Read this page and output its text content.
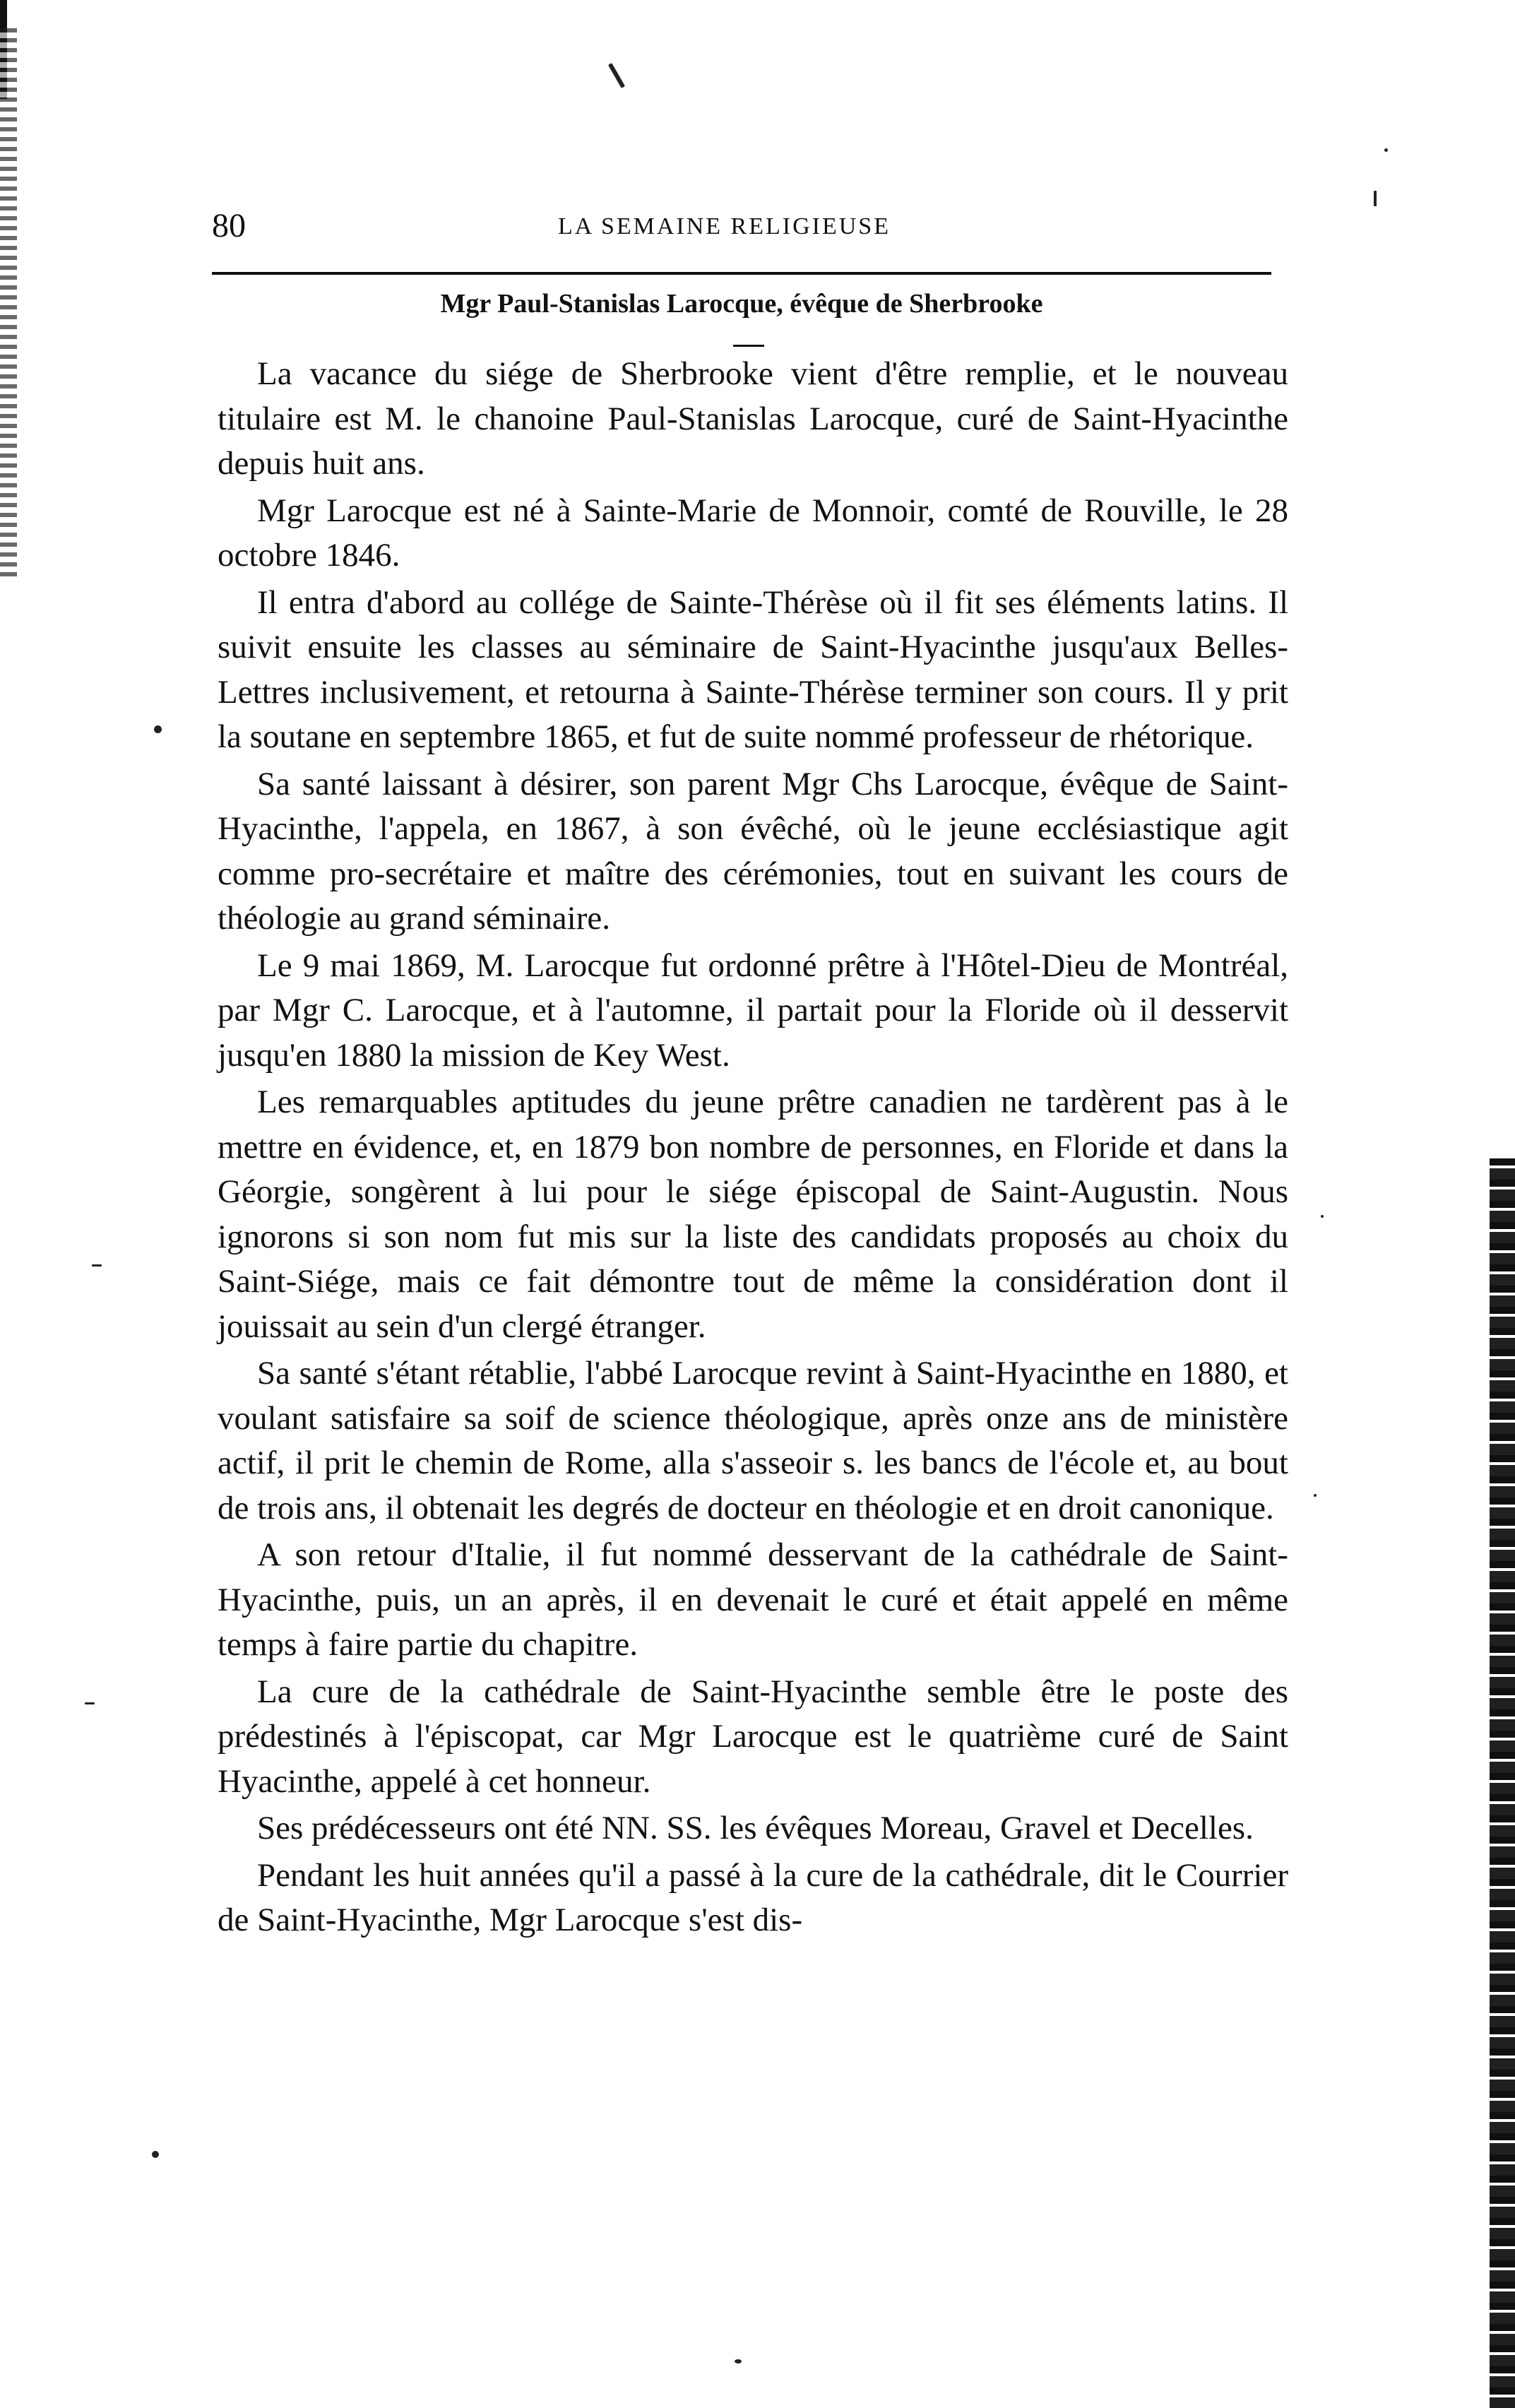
80	LA SEMAINE RELIGIEUSE
Mgr Paul-Stanislas Larocque, évêque de Sherbrooke

La vacance du siége de Sherbrooke vient d'être remplie, et le nouveau titulaire est M. le chanoine Paul-Stanislas Larocque, curé de Saint-Hyacinthe depuis huit ans.

Mgr Larocque est né à Sainte-Marie de Monnoir, comté de Rouville, le 28 octobre 1846.

Il entra d'abord au collége de Sainte-Thérèse où il fit ses éléments latins. Il suivit ensuite les classes au séminaire de Saint-Hyacinthe jusqu'aux Belles-Lettres inclusivement, et retourna à Sainte-Thérèse terminer son cours. Il y prit la soutane en septembre 1865, et fut de suite nommé professeur de rhétorique.

Sa santé laissant à désirer, son parent Mgr Chs Larocque, évêque de Saint-Hyacinthe, l'appela, en 1867, à son évêché, où le jeune ecclésiastique agit comme pro-secrétaire et maître des cérémonies, tout en suivant les cours de théologie au grand séminaire.

Le 9 mai 1869, M. Larocque fut ordonné prêtre à l'Hôtel-Dieu de Montréal, par Mgr C. Larocque, et à l'automne, il partait pour la Floride où il desservit jusqu'en 1880 la mission de Key West.

Les remarquables aptitudes du jeune prêtre canadien ne tardèrent pas à le mettre en évidence, et, en 1879 bon nombre de personnes, en Floride et dans la Géorgie, songèrent à lui pour le siége épiscopal de Saint-Augustin. Nous ignorons si son nom fut mis sur la liste des candidats proposés au choix du Saint-Siége, mais ce fait démontre tout de même la considération dont il jouissait au sein d'un clergé étranger.

Sa santé s'étant rétablie, l'abbé Larocque revint à Saint-Hyacinthe en 1880, et voulant satisfaire sa soif de science théologique, après onze ans de ministère actif, il prit le chemin de Rome, alla s'asseoir s. les bancs de l'école et, au bout de trois ans, il obtenait les degrés de docteur en théologie et en droit canonique.

A son retour d'Italie, il fut nommé desservant de la cathédrale de Saint-Hyacinthe, puis, un an après, il en devenait le curé et était appelé en même temps à faire partie du chapitre.

La cure de la cathédrale de Saint-Hyacinthe semble être le poste des prédestinés à l'épiscopat, car Mgr Larocque est le quatrième curé de Saint Hyacinthe, appelé à cet honneur.

Ses prédécesseurs ont été NN. SS. les évêques Moreau, Gravel et Decelles.

Pendant les huit années qu'il a passé à la cure de la cathédrale, dit le Courrier de Saint-Hyacinthe, Mgr Larocque s'est dis-
